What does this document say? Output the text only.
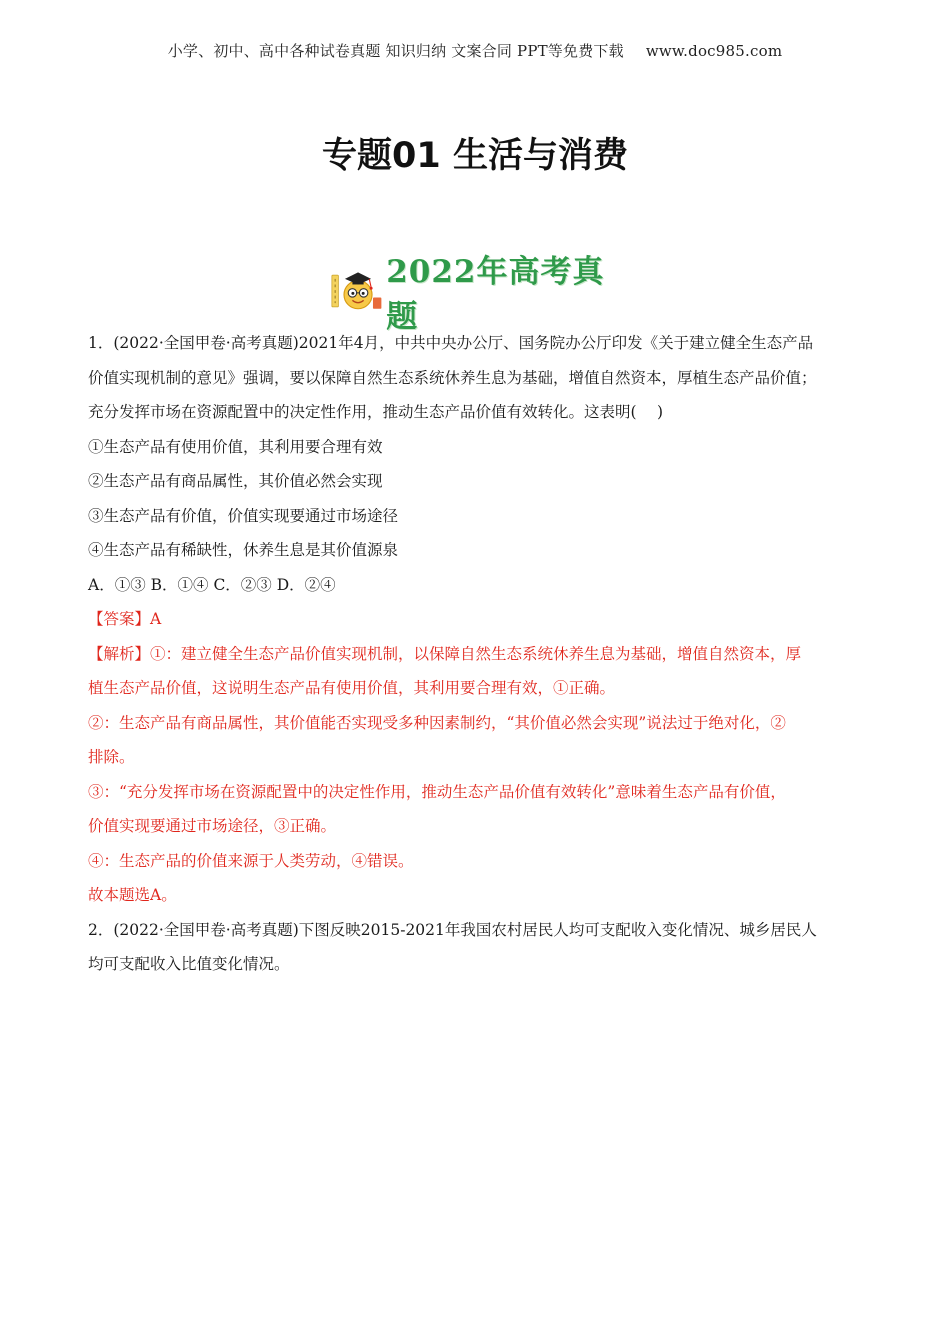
小学、初中、高中各种试卷真题 知识归纳 文案合同 PPT等免费下载 www.doc985.com
专题01 生活与消费
2022年高考真题

1．(2022·全国甲卷·高考真题)2021年4月，中共中央办公厅、国务院办公厅印发《关于建立健全生态产品

价值实现机制的意见》强调，要以保障自然生态系统休养生息为基础，增值自然资本，厚植生态产品价值；

充分发挥市场在资源配置中的决定性作用，推动生态产品价值有效转化。这表明(　 )

①生态产品有使用价值，其利用要合理有效

②生态产品有商品属性，其价值必然会实现

③生态产品有价值，价值实现要通过市场途径

④生态产品有稀缺性，休养生息是其价值源泉

A．①③ B．①④ C．②③ D．②④

【答案】A

【解析】①：建立健全生态产品价值实现机制，以保障自然生态系统休养生息为基础，增值自然资本，厚

植生态产品价值，这说明生态产品有使用价值，其利用要合理有效，①正确。

②：生态产品有商品属性，其价值能否实现受多种因素制约，“其价值必然会实现”说法过于绝对化，②

排除。

③：“充分发挥市场在资源配置中的决定性作用，推动生态产品价值有效转化”意味着生态产品有价值，

价值实现要通过市场途径，③正确。

④：生态产品的价值来源于人类劳动，④错误。

故本题选A。

2．(2022·全国甲卷·高考真题)下图反映2015-2021年我国农村居民人均可支配收入变化情况、城乡居民人

均可支配收入比值变化情况。
